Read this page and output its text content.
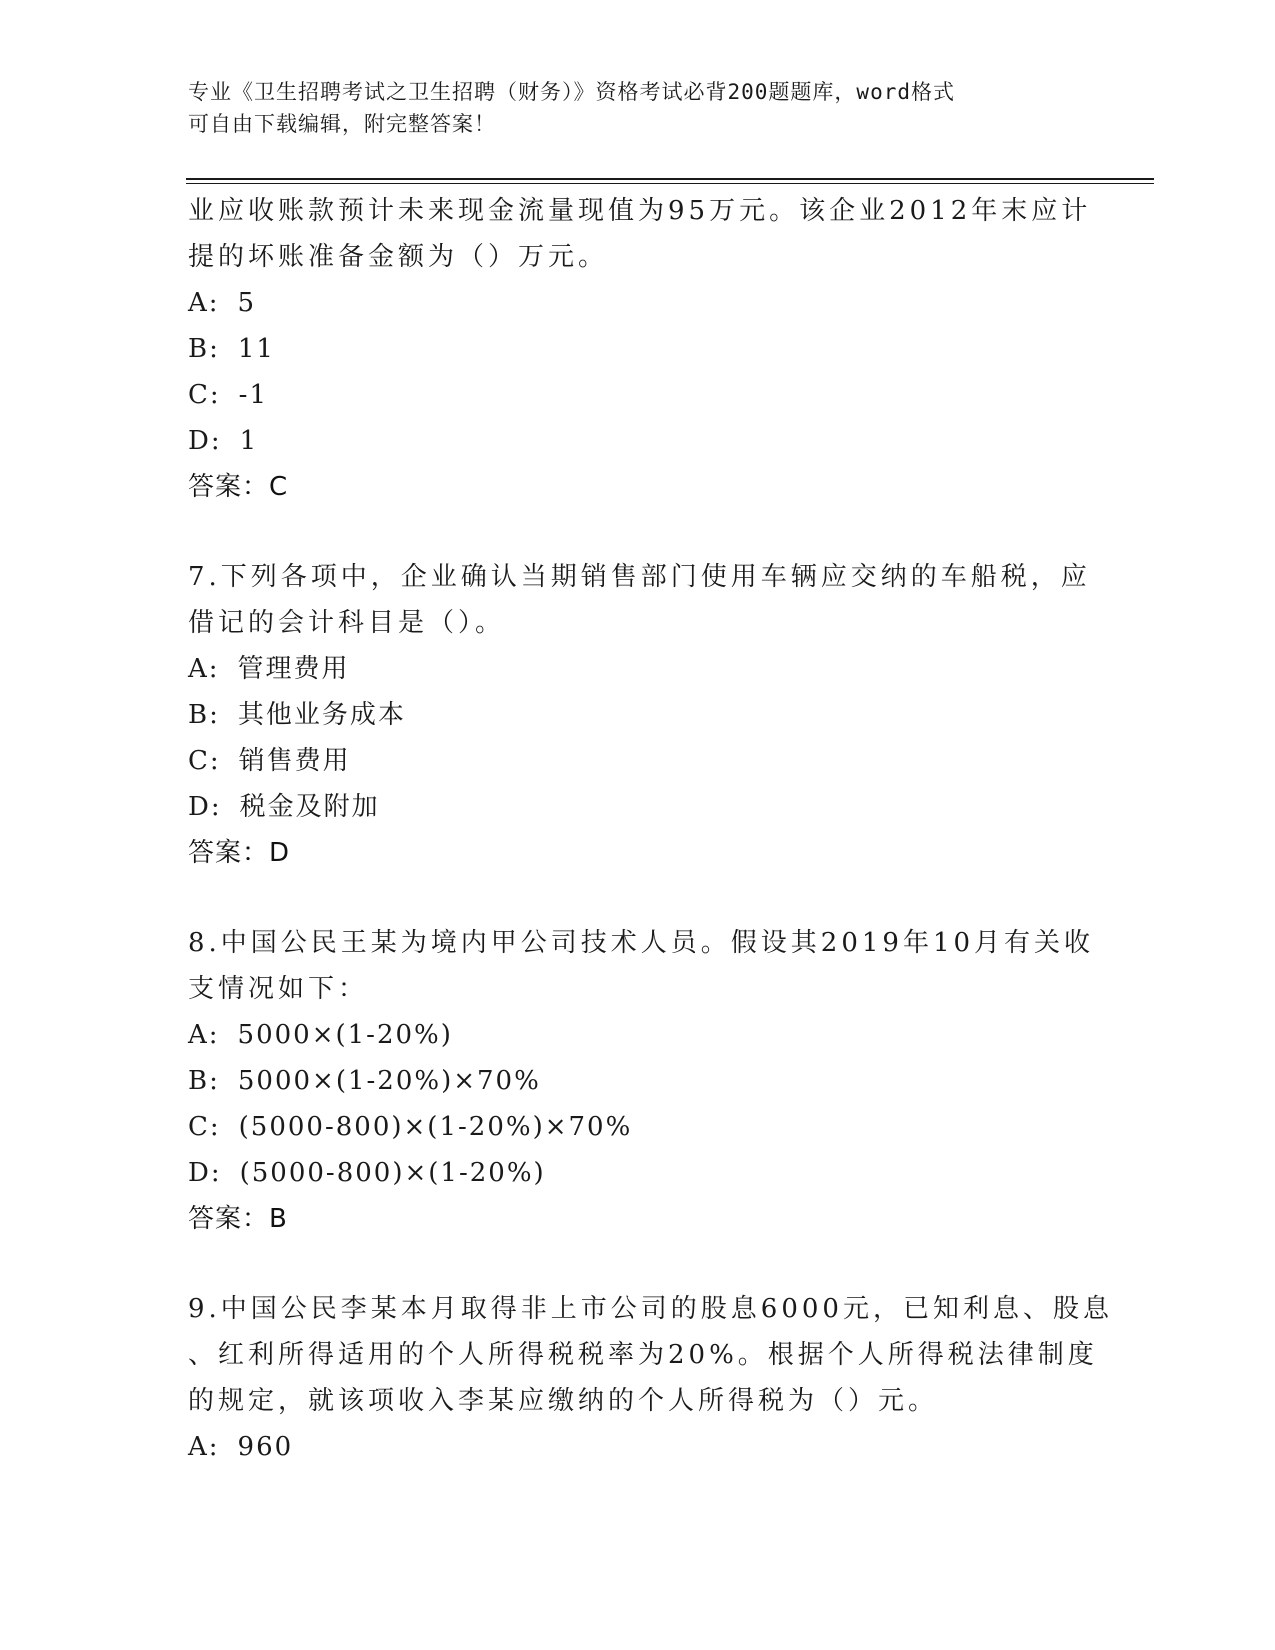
专业《卫生招聘考试之卫生招聘（财务）》资格考试必背200题题库，word格式
可自由下载编辑，附完整答案！
业应收账款预计未来现金流量现值为95万元。该企业2012年末应计
提的坏账准备金额为（）万元。
A: 5
B: 11
C: -1
D: 1
答案：C
7.下列各项中，企业确认当期销售部门使用车辆应交纳的车船税，应
借记的会计科目是（）。
A: 管理费用
B: 其他业务成本
C: 销售费用
D: 税金及附加
答案：D
8.中国公民王某为境内甲公司技术人员。假设其2019年10月有关收
支情况如下：
A: 5000×(1-20%)
B: 5000×(1-20%)×70%
C: (5000-800)×(1-20%)×70%
D: (5000-800)×(1-20%)
答案：B
9.中国公民李某本月取得非上市公司的股息6000元，已知利息、股息
、红利所得适用的个人所得税税率为20%。根据个人所得税法律制度
的规定，就该项收入李某应缴纳的个人所得税为（）元。
A: 960
